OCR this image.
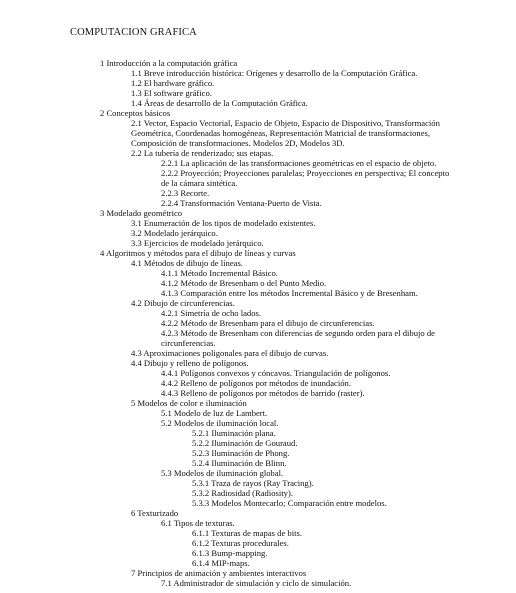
COMPUTACION GRAFICA
1 Introducción a la computación gráfica
1.1 Breve introducción histórica: Orígenes y desarrollo de la Computación Gráfica.
1.2 El hardware gráfico.
1.3 El software gráfico.
1.4 Áreas de desarrollo de la Computación Gráfica.
2 Conceptos básicos
2.1 Vector, Espacio Vectorial, Espacio de Objeto, Espacio de Dispositivo, Transformación
Geométrica, Coordenadas homogéneas, Representación Matricial de transformaciones,
Composición de transformaciones. Modelos 2D, Modelos 3D.
2.2 La tubería de renderizado; sus etapas.
2.2.1 La aplicación de las transformaciones geométricas en el espacio de objeto.
2.2.2 Proyección; Proyecciones paralelas; Proyecciones en perspectiva; El concepto
de la cámara sintética.
2.2.3 Recorte.
2.2.4 Transformación Ventana-Puerto de Vista.
3 Modelado geométrico
3.1 Enumeración de los tipos de modelado existentes.
3.2 Modelado jerárquico.
3.3 Ejercicios de modelado jerárquico.
4 Algoritmos y métodos para el dibujo de líneas y curvas
4.1 Métodos de dibujo de líneas.
4.1.1 Método Incremental Básico.
4.1.2 Método de Bresenham o del Punto Medio.
4.1.3 Comparación entre los métodos Incremental Básico y de Bresenham.
4.2 Dibujo de circunferencias.
4.2.1 Simetría de ocho lados.
4.2.2 Método de Bresenham para el dibujo de circunferencias.
4.2.3 Método de Bresenham con diferencias de segundo orden para el dibujo de
circunferencias.
4.3 Aproximaciones poligonales para el dibujo de curvas.
4.4 Dibujo y relleno de polígonos.
4.4.1 Polígonos convexos y cóncavos. Triangulación de polígonos.
4.4.2 Relleno de polígonos por métodos de inundación.
4.4.3 Relleno de polígonos por métodos de barrido (raster).
5 Modelos de color e iluminación
5.1 Modelo de luz de Lambert.
5.2 Modelos de iluminación local.
5.2.1 Iluminación plana.
5.2.2 Iluminación de Gouraud.
5.2.3 Iluminación de Phong.
5.2.4 Iluminación de Blinn.
5.3 Modelos de iluminación global.
5.3.1 Traza de rayos (Ray Tracing).
5.3.2 Radiosidad (Radiosity).
5.3.3 Modelos Montecarlo; Comparación entre modelos.
6 Texturizado
6.1 Tipos de texturas.
6.1.1 Texturas de mapas de bits.
6.1.2 Texturas procedurales.
6.1.3 Bump-mapping.
6.1.4 MIP-maps.
7 Principios de animación y ambientes interactivos
7.1 Administrador de simulación y ciclo de simulación.
